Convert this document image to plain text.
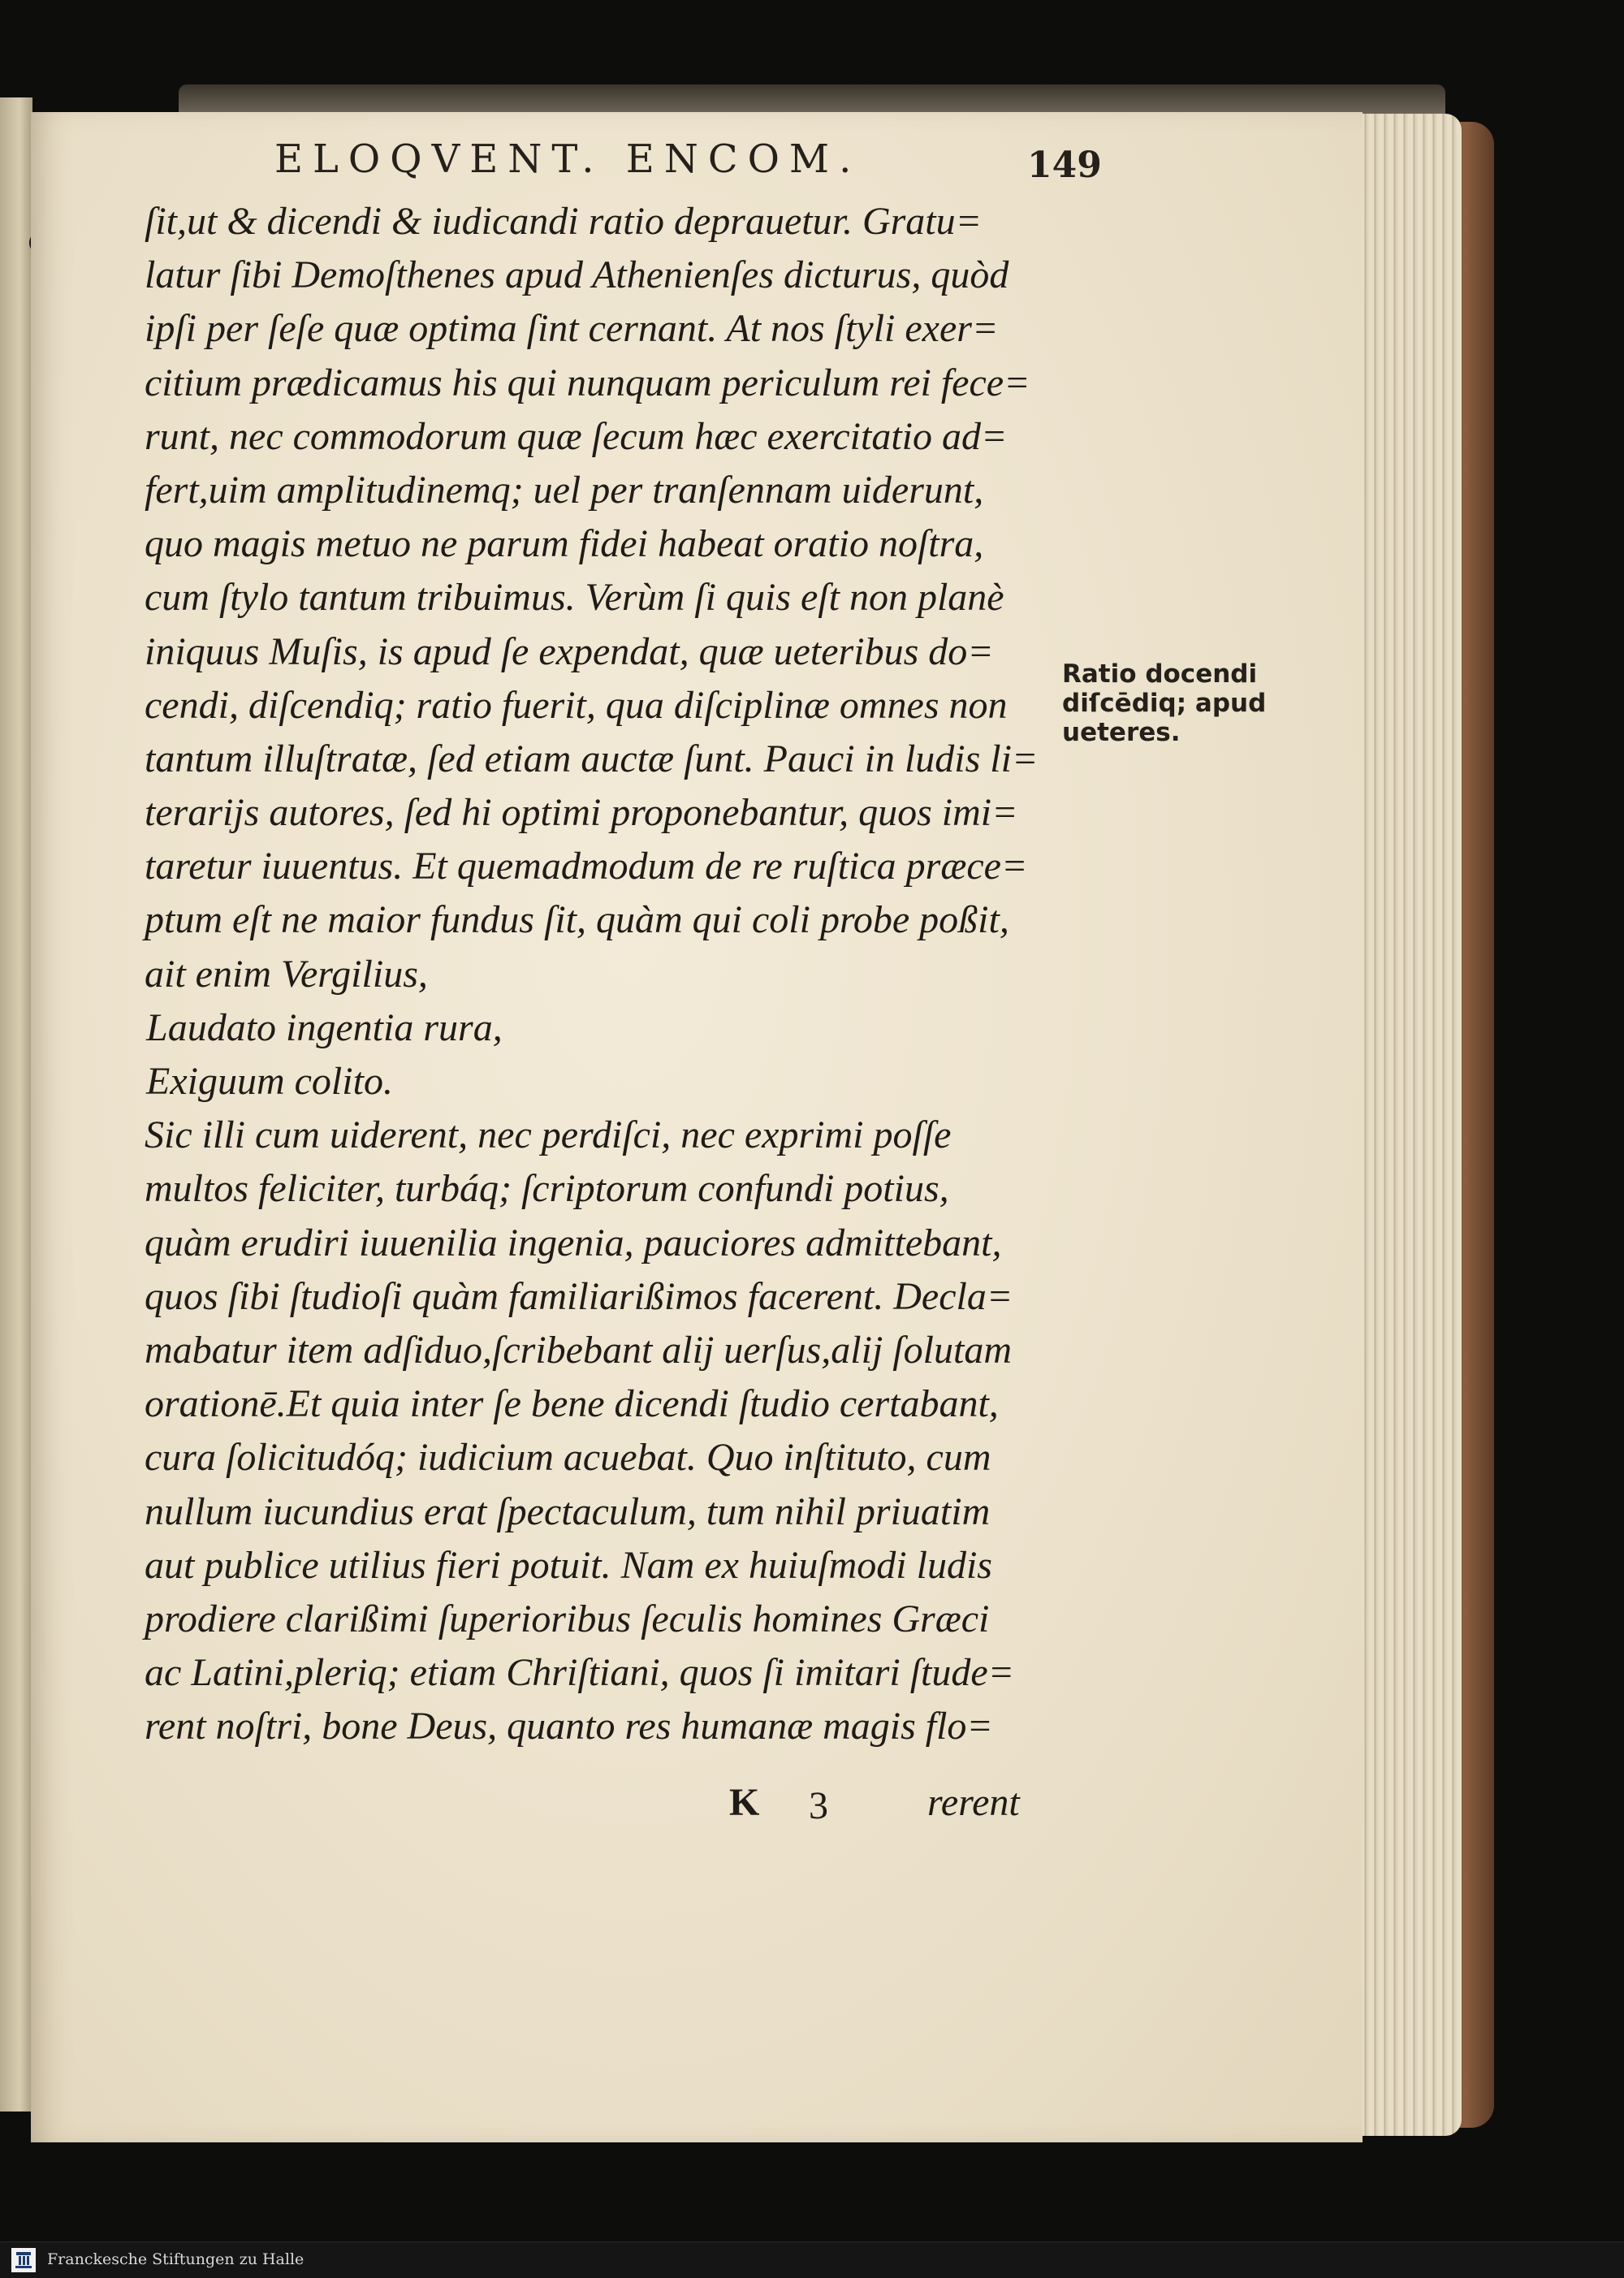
ELOQVENT. ENCOM.	149
ſit,ut & dicendi & iudicandi ratio deprauetur. Gratu=
latur ſibi Demoſthenes apud Athenienſes dicturus, quòd
ipſi per ſeſe quæ optima ſint cernant. At nos ſtyli exer=
citium prædicamus his qui nunquam periculum rei fece=
runt, nec commodorum quæ ſecum hæc exercitatio ad=
fert,uim amplitudinemq; uel per tranſennam uiderunt,
quo magis metuo ne parum fidei habeat oratio noſtra,
cum ſtylo tantum tribuimus. Verùm ſi quis eſt non planè
iniquus Muſis, is apud ſe expendat, quæ ueteribus do=
cendi, diſcendiq; ratio fuerit, qua diſciplinæ omnes non
tantum illuſtratæ, ſed etiam auctæ ſunt. Pauci in ludis li=
terarijs autores, ſed hi optimi proponebantur, quos imi=
taretur iuuentus. Et quemadmodum de re ruſtica præce=
ptum eſt ne maior fundus ſit, quàm qui coli probe poßit,
ait enim Vergilius,
Laudato ingentia rura,
Exiguum colito.
Sic illi cum uiderent, nec perdiſci, nec exprimi poſſe
multos feliciter, turbáq; ſcriptorum confundi potius,
quàm erudiri iuuenilia ingenia, pauciores admittebant,
quos ſibi ſtudioſi quàm familiarißimos facerent. Decla=
mabatur item adſiduo,ſcribebant alij uerſus,alij ſolutam
orationē.Et quia inter ſe bene dicendi ſtudio certabant,
cura ſolicitudóq; iudicium acuebat. Quo inſtituto, cum
nullum iucundius erat ſpectaculum, tum nihil priuatim
aut publice utilius fieri potuit. Nam ex huiuſmodi ludis
prodiere clarißimi ſuperioribus ſeculis homines Græci
ac Latini,pleriq; etiam Chriſtiani, quos ſi imitari ſtude=
rent noſtri, bone Deus, quanto res humanæ magis flo=
Ratio docendi
diſcēdiq; apud
ueteres.
K 3	rerent
Franckesche Stiftungen zu Halle
